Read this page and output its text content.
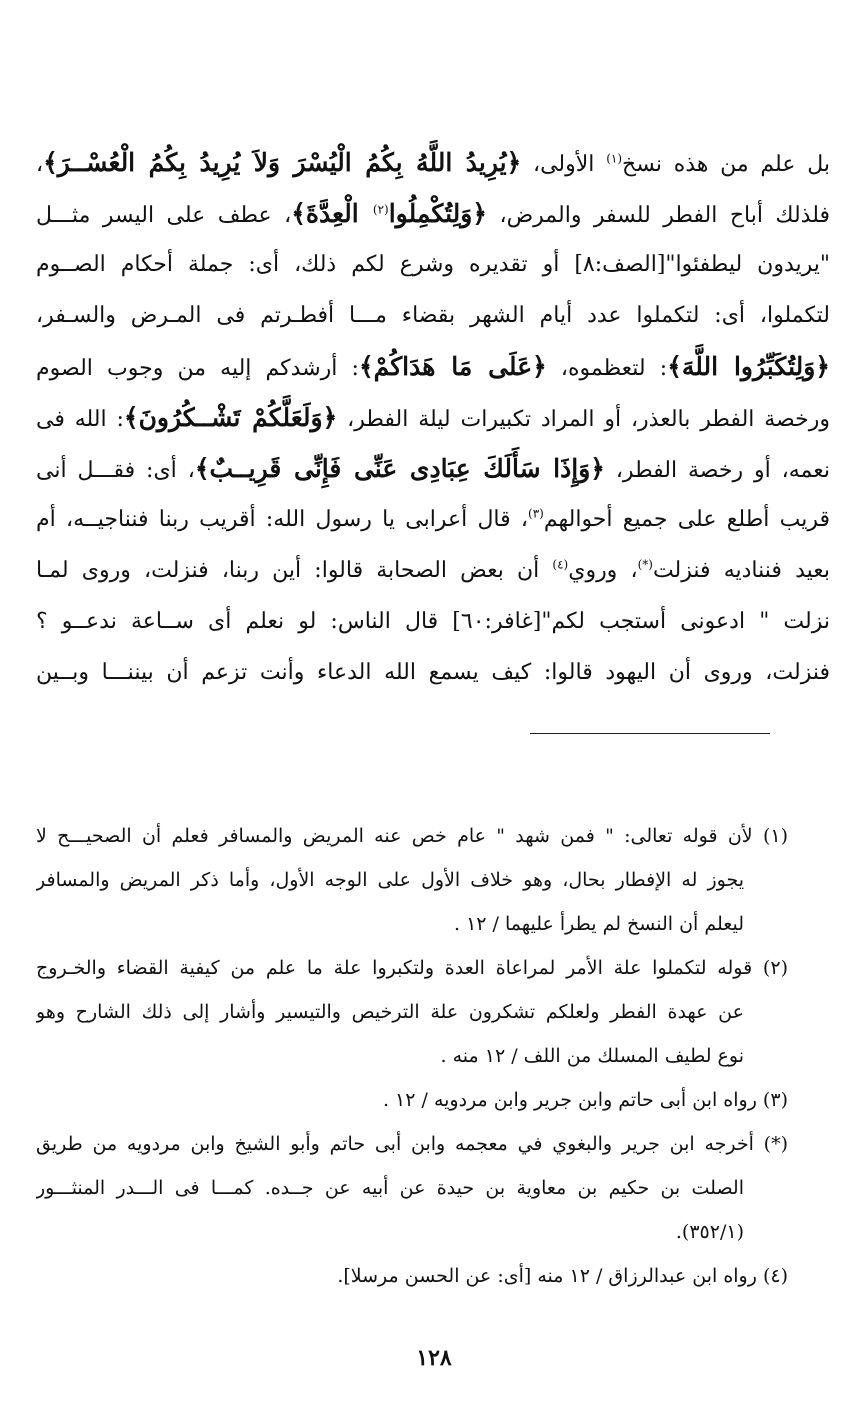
بل علم من هذه نسخ$^{(١)}$ الأولى، ﴿يُرِيدُ اللَّهُ بِكُمُ الْيُسْرَ وَلاَ يُرِيدُ بِكُمُ الْعُسْــرَ﴾،
فلذلك أباح الفطر للسفر والمرض، ﴿وَلِتُكْمِلُوا$^{(٢)}$ الْعِدَّةَ﴾، عطف على اليسر مثـــل
"يريدون ليطفئوا"[الصف:٨] أو تقديره وشرع لكم ذلك، أى: جملة أحكام الصــوم
لتكملوا، أى: لتكملوا عدد أيام الشهر بقضاء مـــا أفطـرتم فى المـرض والسـفر،
﴿وَلِتُكَبِّرُوا اللَّهَ﴾: لتعظموه، ﴿عَلَى مَا هَدَاكُمْ﴾: أرشدكم إليه من وجوب الصوم
ورخصة الفطر بالعذر، أو المراد تكبيرات ليلة الفطر، ﴿وَلَعَلَّكُمْ تَشْــكُرُونَ﴾: الله فى
نعمه، أو رخصة الفطر، ﴿وَإِذَا سَأَلَكَ عِبَادِى عَنِّى فَإِنِّى قَرِيــبٌ﴾، أى: فقـــل أنى
قريب أطلع على جميع أحوالهم$^{(٣)}$، قال أعرابى يا رسول الله: أقريب ربنا فنناجيــه، أم
بعيد فنناديه فنزلت(*)، وروي$^{(٤)}$ أن بعض الصحابة قالوا: أين ربنا، فنزلت، وروى لمـا
نزلت " ادعونى أستجب لكم"[غافر:٦٠] قال الناس: لو نعلم أى ســاعة ندعــو ؟
فنزلت، وروى أن اليهود قالوا: كيف يسمع الله الدعاء وأنت تزعم أن بيننـــا وبــين
(١) لأن قوله تعالى: " فمن شهد " عام خص عنه المريض والمسافر فعلم أن الصحيـــح لا
يجوز له الإفطار بحال، وهو خلاف الأول على الوجه الأول، وأما ذكر المريض والمسافر
ليعلم أن النسخ لم يطرأ عليهما / ١٢ .
(٢) قوله لتكملوا علة الأمر لمراعاة العدة ولتكبروا علة ما علم من كيفية القضاء والخـروج
عن عهدة الفطر ولعلكم تشكرون علة الترخيص والتيسير وأشار إلى ذلك الشارح وهو
نوع لطيف المسلك من اللف / ١٢ منه .
(٣) رواه ابن أبى حاتم وابن جرير وابن مردويه / ١٢ .
(*) أخرجه ابن جرير والبغوي في معجمه وابن أبى حاتم وأبو الشيخ وابن مردويه من طريق
الصلت بن حكيم بن معاوية بن حيدة عن أبيه عن جــده. كمـــا فى الـــدر المنثـــور
(٣٥٢/١).
(٤) رواه ابن عبدالرزاق / ١٢ منه [أى: عن الحسن مرسلا].
١٢٨
